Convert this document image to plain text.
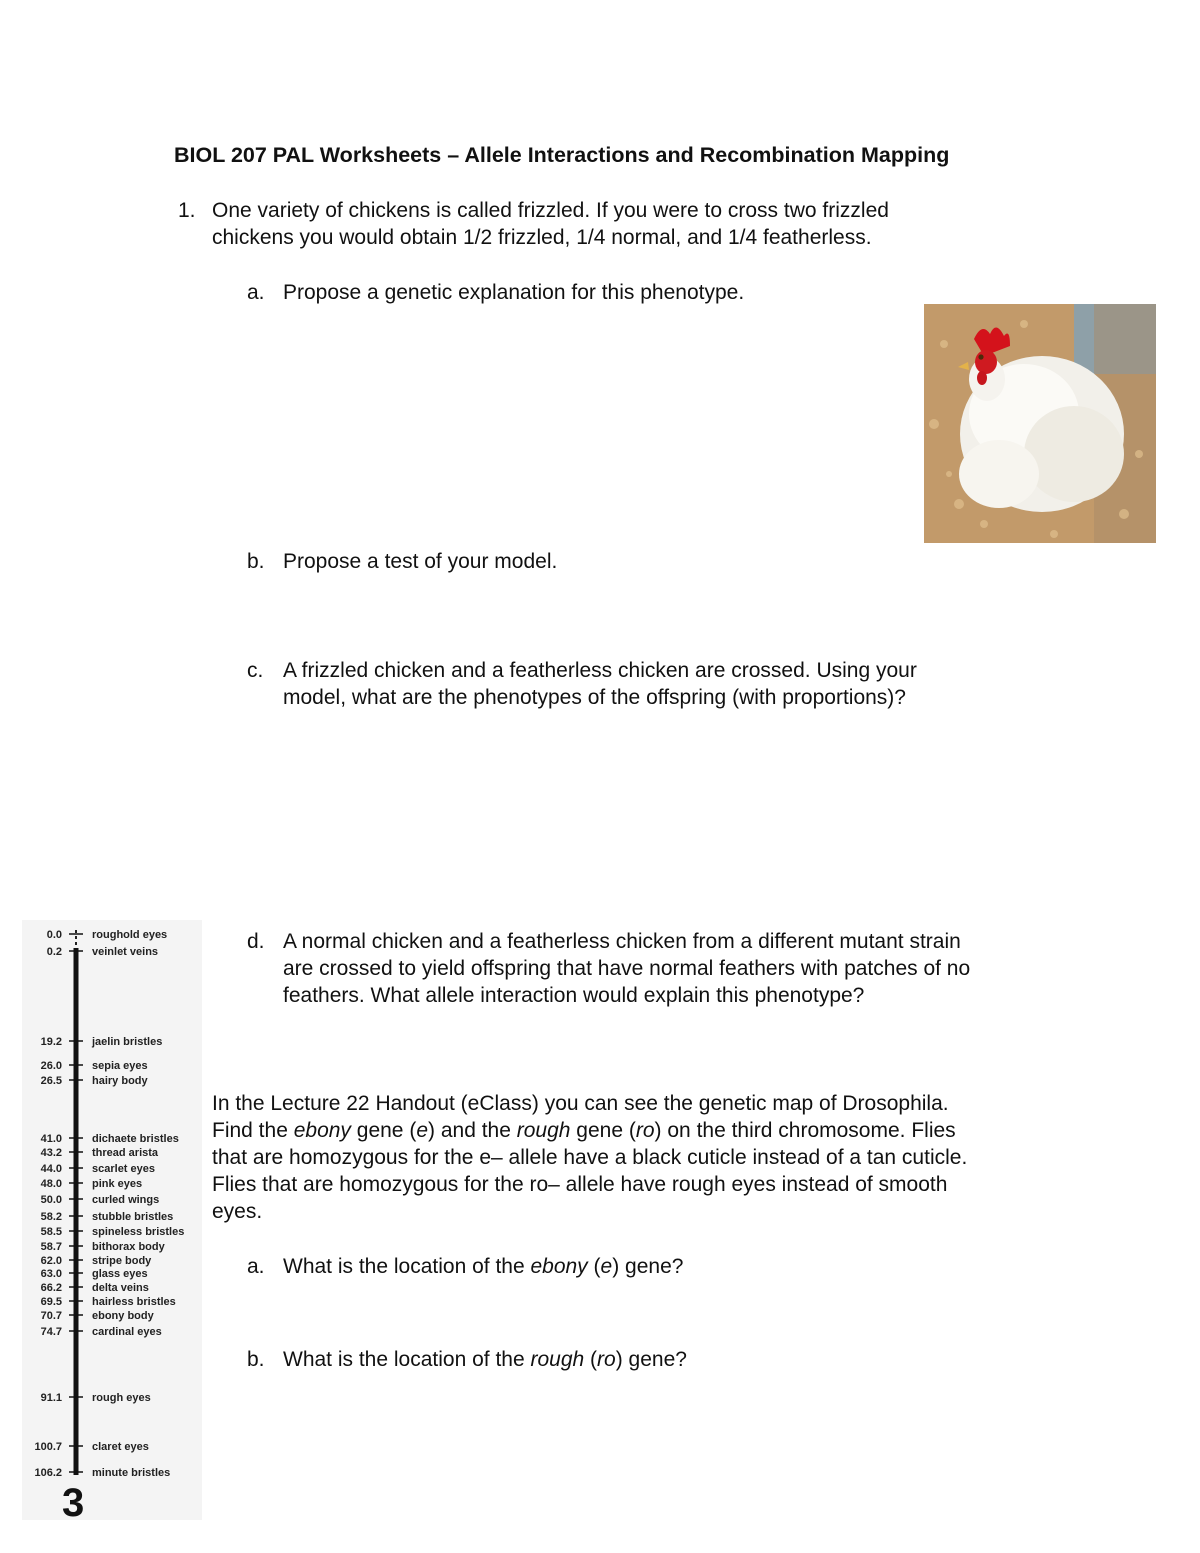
BIOL 207 PAL Worksheets – Allele Interactions and Recombination Mapping
1. One variety of chickens is called frizzled. If you were to cross two frizzled
chickens you would obtain 1/2 frizzled, 1/4 normal, and 1/4 featherless.
a. Propose a genetic explanation for this phenotype.
b. Propose a test of your model.
c. A frizzled chicken and a featherless chicken are crossed. Using your
model, what are the phenotypes of the offspring (with proportions)?
d. A normal chicken and a featherless chicken from a different mutant strain
are crossed to yield offspring that have normal feathers with patches of no
feathers. What allele interaction would explain this phenotype?
In the Lecture 22 Handout (eClass) you can see the genetic map of Drosophila.
Find the ebony gene (e) and the rough gene (ro) on the third chromosome. Flies
that are homozygous for the e– allele have a black cuticle instead of a tan cuticle.
Flies that are homozygous for the ro– allele have rough eyes instead of smooth
eyes.
a. What is the location of the ebony (e) gene?
b. What is the location of the rough (ro) gene?
3
0.0	roughold eyes
0.2	veinlet veins
19.2	jaelin bristles
26.0	sepia eyes
26.5	hairy body
41.0	dichaete bristles
43.2	thread arista
44.0	scarlet eyes
48.0	pink eyes
50.0	curled wings
58.2	stubble bristles
58.5	spineless bristles
58.7	bithorax body
62.0	stripe body
63.0	glass eyes
66.2	delta veins
69.5	hairless bristles
70.7	ebony body
74.7	cardinal eyes
91.1	rough eyes
100.7	claret eyes
106.2	minute bristles
